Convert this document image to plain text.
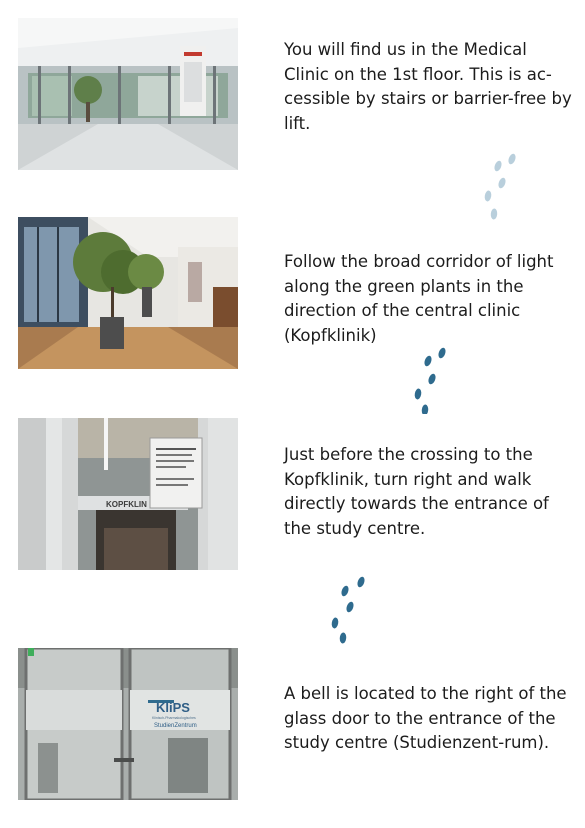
You will find us in the Medical Clinic on the 1st floor. This is ac-cessible by stairs or barrier-free by lift.

Follow the broad corridor of light along the green plants in the direction of the central clinic (Kopfklinik)

KOPFKLIN

Just before the crossing to the Kopfklinik, turn right and walk directly towards the entrance of the study centre.

KliPS
Klinisch-Pharmakologisches
StudienZentrum

A bell is located to the right of the glass door to the entrance of the study centre (Studienzent-rum).
